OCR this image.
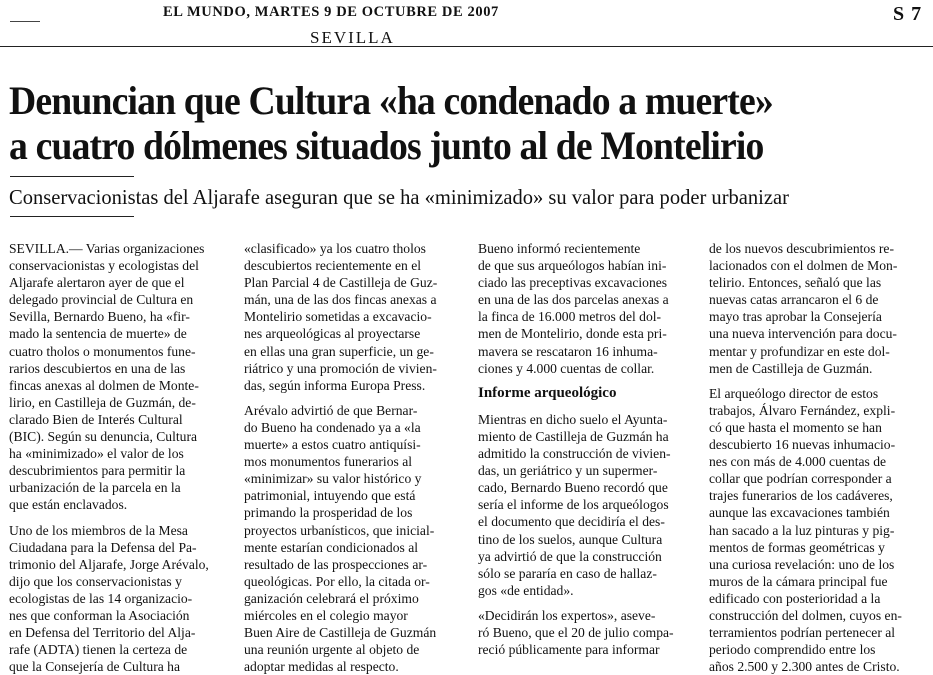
EL MUNDO, MARTES 9 DE OCTUBRE DE 2007
SEVILLA
S 7
Denuncian que Cultura «ha condenado a muerte»
a cuatro dólmenes situados junto al de Montelirio
Conservacionistas del Aljarafe aseguran que se ha «minimizado» su valor para poder urbanizar
SEVILLA.— Varias organizaciones
conservacionistas y ecologistas del
Aljarafe alertaron ayer de que el
delegado provincial de Cultura en
Sevilla, Bernardo Bueno, ha «fir-
mado la sentencia de muerte» de
cuatro tholos o monumentos fune-
rarios descubiertos en una de las
fincas anexas al dolmen de Monte-
lirio, en Castilleja de Guzmán, de-
clarado Bien de Interés Cultural
(BIC). Según su denuncia, Cultura
ha «minimizado» el valor de los
descubrimientos para permitir la
urbanización de la parcela en la
que están enclavados.
Uno de los miembros de la Mesa
Ciudadana para la Defensa del Pa-
trimonio del Aljarafe, Jorge Arévalo,
dijo que los conservacionistas y
ecologistas de las 14 organizacio-
nes que conforman la Asociación
en Defensa del Territorio del Alja-
rafe (ADTA) tienen la certeza de
que la Consejería de Cultura ha
«clasificado» ya los cuatro tholos
descubiertos recientemente en el
Plan Parcial 4 de Castilleja de Guz-
mán, una de las dos fincas anexas a
Montelirio sometidas a excavacio-
nes arqueológicas al proyectarse
en ellas una gran superficie, un ge-
riátrico y una promoción de vivien-
das, según informa Europa Press.
Arévalo advirtió de que Bernar-
do Bueno ha condenado ya a «la
muerte» a estos cuatro antiquísi-
mos monumentos funerarios al
«minimizar» su valor histórico y
patrimonial, intuyendo que está
primando la prosperidad de los
proyectos urbanísticos, que inicial-
mente estarían condicionados al
resultado de las prospecciones ar-
queológicas. Por ello, la citada or-
ganización celebrará el próximo
miércoles en el colegio mayor
Buen Aire de Castilleja de Guzmán
una reunión urgente al objeto de
adoptar medidas al respecto.
Bueno informó recientemente
de que sus arqueólogos habían ini-
ciado las preceptivas excavaciones
en una de las dos parcelas anexas a
la finca de 16.000 metros del dol-
men de Montelirio, donde esta pri-
mavera se rescataron 16 inhuma-
ciones y 4.000 cuentas de collar.
Informe arqueológico
Mientras en dicho suelo el Ayunta-
miento de Castilleja de Guzmán ha
admitido la construcción de vivien-
das, un geriátrico y un supermer-
cado, Bernardo Bueno recordó que
sería el informe de los arqueólogos
el documento que decidiría el des-
tino de los suelos, aunque Cultura
ya advirtió de que la construcción
sólo se pararía en caso de hallaz-
gos «de entidad».
«Decidirán los expertos», asevе-
ró Bueno, que el 20 de julio compa-
reció públicamente para informar
de los nuevos descubrimientos re-
lacionados con el dolmen de Mon-
telirio. Entonces, señaló que las
nuevas catas arrancaron el 6 de
mayo tras aprobar la Consejería
una nueva intervención para docu-
mentar y profundizar en este dol-
men de Castilleja de Guzmán.
El arqueólogo director de estos
trabajos, Álvaro Fernández, expli-
có que hasta el momento se han
descubierto 16 nuevas inhumacio-
nes con más de 4.000 cuentas de
collar que podrían corresponder a
trajes funerarios de los cadáveres,
aunque las excavaciones también
han sacado a la luz pinturas y pig-
mentos de formas geométricas y
una curiosa revelación: uno de los
muros de la cámara principal fue
edificado con posterioridad a la
construcción del dolmen, cuyos en-
terramientos podrían pertenecer al
periodo comprendido entre los
años 2.500 y 2.300 antes de Cristo.
